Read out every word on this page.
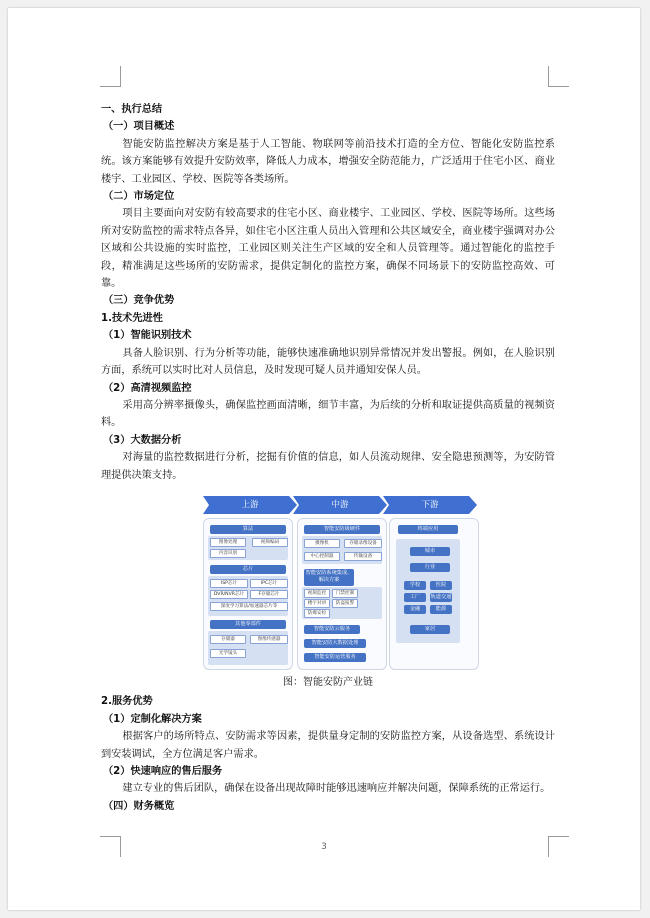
一、执行总结
（一）项目概述

智能安防监控解决方案是基于人工智能、物联网等前沿技术打造的全方位、智能化安防监控系统。该方案能够有效提升安防效率，降低人力成本，增强安全防范能力，广泛适用于住宅小区、商业楼宇、工业园区、学校、医院等各类场所。

（二）市场定位

项目主要面向对安防有较高要求的住宅小区、商业楼宇、工业园区、学校、医院等场所。这些场所对安防监控的需求特点各异，如住宅小区注重人员出入管理和公共区域安全，商业楼宇强调对办公区域和公共设施的实时监控，工业园区则关注生产区域的安全和人员管理等。通过智能化的监控手段，精准满足这些场所的安防需求，提供定制化的监控方案，确保不同场景下的安防监控高效、可靠。

（三）竞争优势
1.技术先进性
（1）智能识别技术

具备人脸识别、行为分析等功能，能够快速准确地识别异常情况并发出警报。例如，在人脸识别方面，系统可以实时比对人员信息，及时发现可疑人员并通知安保人员。

（2）高清视频监控

采用高分辨率摄像头，确保监控画面清晰，细节丰富，为后续的分析和取证提供高质量的视频资料。

（3）大数据分析

对海量的监控数据进行分析，挖掘有价值的信息，如人员流动规律、安全隐患预测等，为安防管理提供决策支持。

上游	中游	下游
算法
图像处理	视频编码
内容识别
芯片
ISP芯片	IPC芯片
DVR/NVR芯片	F存储芯片
深度学习算法/加速器芯片等
其他零部件
存储器	图像传感器
光学镜头
智能安防级硬件
摄像机	存储录像设备
中心控制器	传输设备
智能安防系统集成、解决方案
视频监控	门禁控制
楼宇对讲	防盗报警
防爆安检
智能安防云服务
智能安防大数据处理
智能安防运营服务
终端应用
城市
行业
学校	医院
工厂	轨道交通
金融	能源
家居
图：智能安防产业链
2.服务优势
（1）定制化解决方案

根据客户的场所特点、安防需求等因素，提供量身定制的安防监控方案，从设备选型、系统设计到安装调试，全方位满足客户需求。

（2）快速响应的售后服务

建立专业的售后团队，确保在设备出现故障时能够迅速响应并解决问题，保障系统的正常运行。

（四）财务概览
3
